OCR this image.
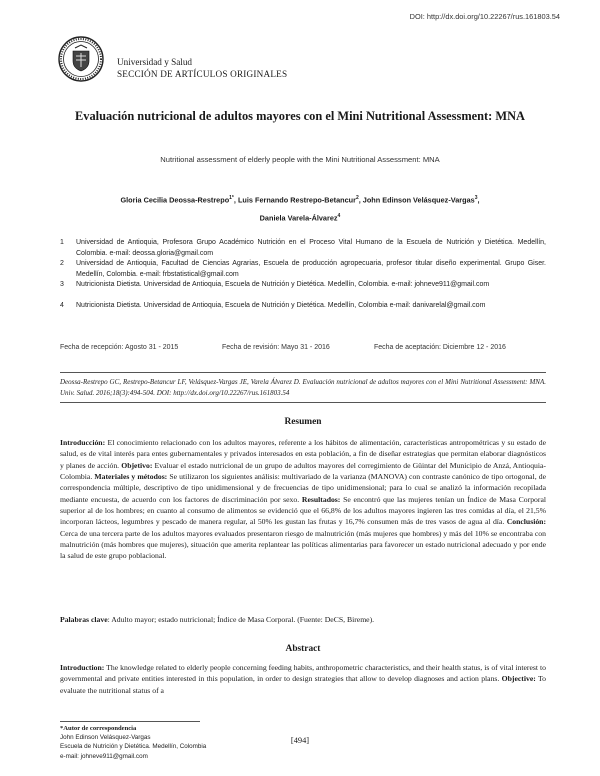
DOI: http://dx.doi.org/10.22267/rus.161803.54
Universidad y Salud
SECCIÓN DE ARTÍCULOS ORIGINALES
Evaluación nutricional de adultos mayores con el Mini Nutritional Assessment: MNA
Nutritional assessment of elderly people with the Mini Nutritional Assessment: MNA
Gloria Cecilia Deossa-Restrepo$^{1*}$, Luis Fernando Restrepo-Betancur$^2$, John Edinson Velásquez-Vargas$^3$,
Daniela Varela-Álvarez$^4$
1 Universidad de Antioquia, Profesora Grupo Académico Nutrición en el Proceso Vital Humano de la Escuela de Nutrición y Dietética. Medellín, Colombia. e-mail: deossa.gloria@gmail.com
2 Universidad de Antioquia, Facultad de Ciencias Agrarias, Escuela de producción agropecuaria, profesor titular diseño experimental. Grupo Giser. Medellín, Colombia. e-mail: frbstatistical@gmail.com
3 Nutricionista Dietista. Universidad de Antioquia, Escuela de Nutrición y Dietética. Medellín, Colombia. e-mail: johneve911@gmail.com
4 Nutricionista Dietista. Universidad de Antioquia, Escuela de Nutrición y Dietética. Medellín, Colombia e-mail: danivarelal@gmail.com
Fecha de recepción: Agosto 31 - 2015	Fecha de revisión: Mayo 31 - 2016	Fecha de aceptación: Diciembre 12 - 2016
Deossa-Restrepo GC, Restrepo-Betancur LF, Velásquez-Vargas JE, Varela Álvarez D. Evaluación nutricional de adultos mayores con el Mini Nutritional Assessment: MNA. Univ. Salud. 2016;18(3):494-504. DOI: http://dx.doi.org/10.22267/rus.161803.54
Resumen
Introducción: El conocimiento relacionado con los adultos mayores, referente a los hábitos de alimentación, características antropométricas y su estado de salud, es de vital interés para entes gubernamentales y privados interesados en esta población, a fin de diseñar estrategias que permitan elaborar diagnósticos y planes de acción. Objetivo: Evaluar el estado nutricional de un grupo de adultos mayores del corregimiento de Güintar del Municipio de Anzá, Antioquia-Colombia. Materiales y métodos: Se utilizaron los siguientes análisis: multivariado de la varianza (MANOVA) con contraste canónico de tipo ortogonal, de correspondencia múltiple, descriptivo de tipo unidimensional y de frecuencias de tipo unidimensional; para lo cual se analizó la información recopilada mediante encuesta, de acuerdo con los factores de discriminación por sexo. Resultados: Se encontró que las mujeres tenían un Índice de Masa Corporal superior al de los hombres; en cuanto al consumo de alimentos se evidenció que el 66,8% de los adultos mayores ingieren las tres comidas al día, el 21,5% incorporan lácteos, legumbres y pescado de manera regular, al 50% les gustan las frutas y 16,7% consumen más de tres vasos de agua al día. Conclusión: Cerca de una tercera parte de los adultos mayores evaluados presentaron riesgo de malnutrición (más mujeres que hombres) y más del 10% se encontraba con malnutrición (más hombres que mujeres), situación que amerita replantear las políticas alimentarias para favorecer un estado nutricional adecuado y por ende la salud de este grupo poblacional.
Palabras clave: Adulto mayor; estado nutricional; Índice de Masa Corporal. (Fuente: DeCS, Bireme).
Abstract
Introduction: The knowledge related to elderly people concerning feeding habits, anthropometric characteristics, and their health status, is of vital interest to governmental and private entities interested in this population, in order to design strategies that allow to develop diagnoses and action plans. Objective: To evaluate the nutritional status of a
*Autor de correspondencia
John Edinson Velásquez-Vargas
Escuela de Nutrición y Dietética. Medellín, Colombia
e-mail: johneve911@gmail.com
[494]
